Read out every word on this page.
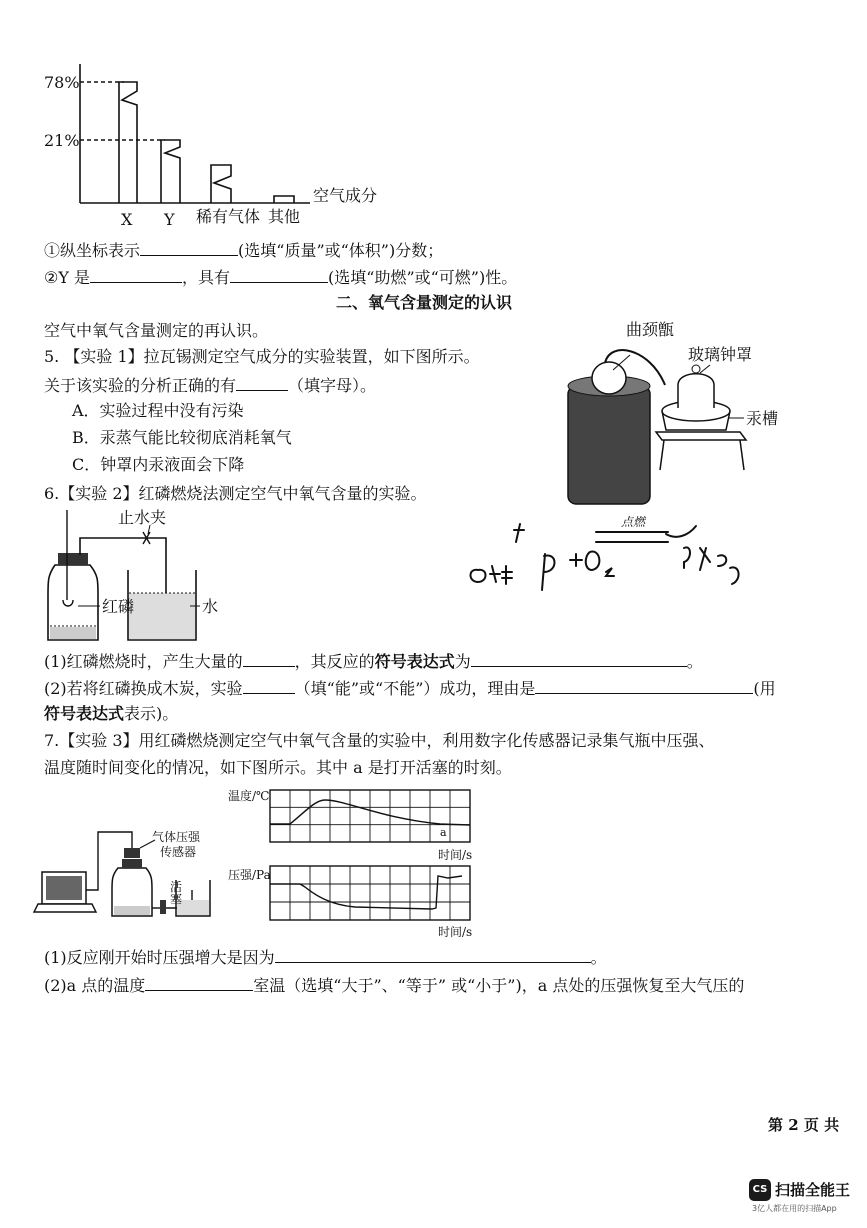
78%
21%
空气成分
X Y 稀有气体 其他
①纵坐标表示	(选填“质量”或“体积”)分数；
②Y 是	，具有	(选填“助燃”或“可燃”)性。
二、氧气含量测定的认识
空气中氧气含量测定的再认识。
5. 【实验 1】拉瓦锡测定空气成分的实验装置，如下图所示。
关于该实验的分析正确的有	（填字母）。
A．实验过程中没有污染
B．汞蒸气能比较彻底消耗氧气
C．钟罩内汞液面会下降
曲颈甑
玻璃钟罩
汞槽
6.【实验 2】红磷燃烧法测定空气中氧气含量的实验。
止水夹
红磷	水
点燃
(1)红磷燃烧时，产生大量的	，其反应的符号表达式为	。
(2)若将红磷换成木炭，实验	（填“能”或“不能”）成功，理由是	(用
符号表达式表示)。
7.【实验 3】用红磷燃烧测定空气中氧气含量的实验中，利用数字化传感器记录集气瓶中压强、
温度随时间变化的情况，如下图所示。其中 a 是打开活塞的时刻。
气体压强
传感器
活
塞
温度/℃
a
时间/s
压强/Pa
时间/s
(1)反应刚开始时压强增大是因为	。
(2)a 点的温度	室温（选填“大于”、“等于” 或“小于”)，a 点处的压强恢复至大气压的
第 2 页 共
CS 扫描全能王
3亿人都在用的扫描App
